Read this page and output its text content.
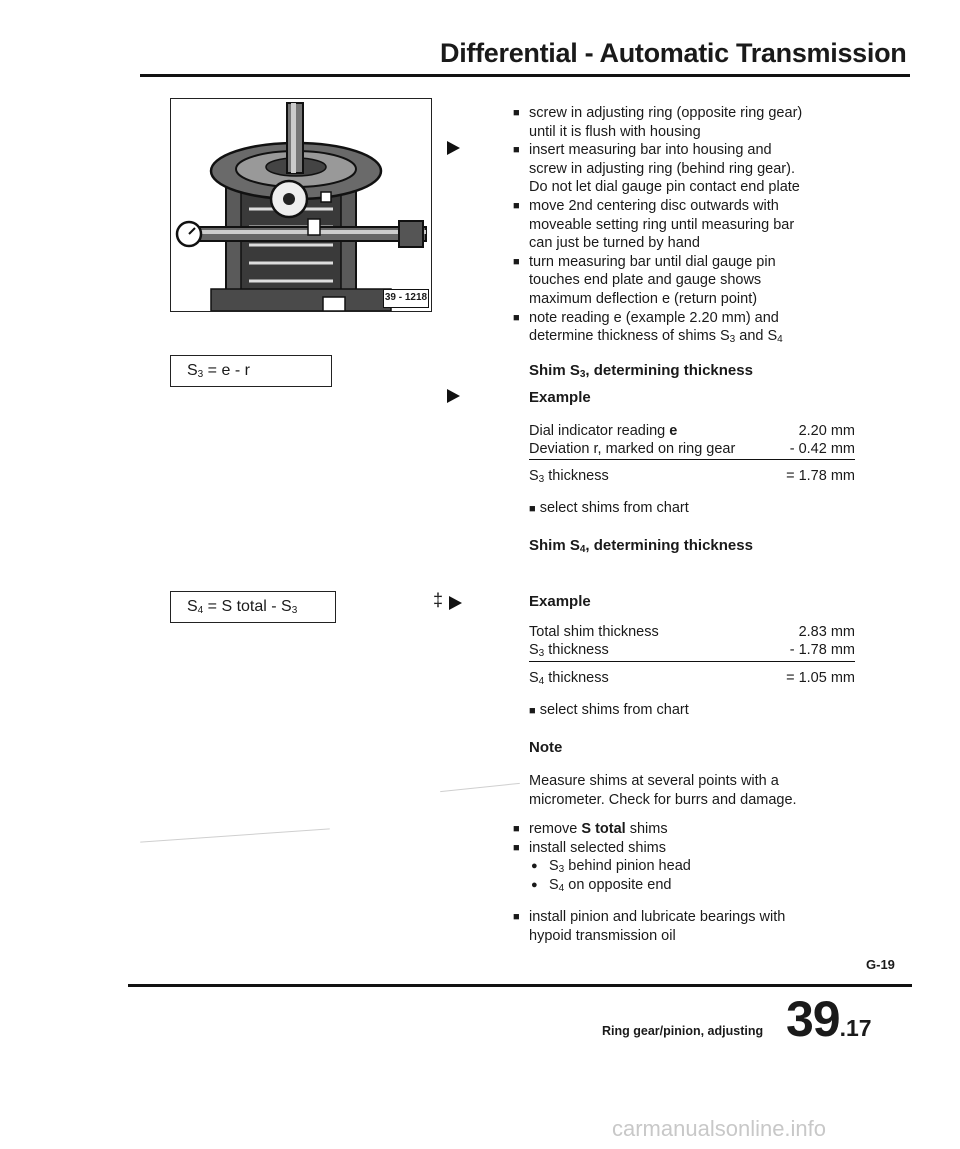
Differential - Automatic Transmission
39 - 1218
$S_3 = e - r$
$S_4 = S$ total - $S_3$
‡
■ screw in adjusting ring (opposite ring gear)
until it is flush with housing
■ insert measuring bar into housing and
screw in adjusting ring (behind ring gear).
Do not let dial gauge pin contact end plate
■ move 2nd centering disc outwards with
moveable setting ring until measuring bar
can just be turned by hand
■ turn measuring bar until dial gauge pin
touches end plate and gauge shows
maximum deflection e (return point)
■ note reading e (example 2.20 mm) and
determine thickness of shims $S_3$ and $S_4$
Shim $S_3$, determining thickness
Example
Dial indicator reading e	2.20 mm
Deviation r, marked on ring gear	- 0.42 mm
$S_3$ thickness	= 1.78 mm
■ select shims from chart
Shim $S_4$, determining thickness
Example
Total shim thickness	2.83 mm
$S_3$ thickness	- 1.78 mm
$S_4$ thickness	= 1.05 mm
■ select shims from chart
Note
Measure shims at several points with a
micrometer. Check for burrs and damage.
■ remove S total shims
■ install selected shims
● $S_3$ behind pinion head
● $S_4$ on opposite end
■ install pinion and lubricate bearings with
hypoid transmission oil
G-19
Ring gear/pinion, adjusting 39.17
carmanualsonline.info
